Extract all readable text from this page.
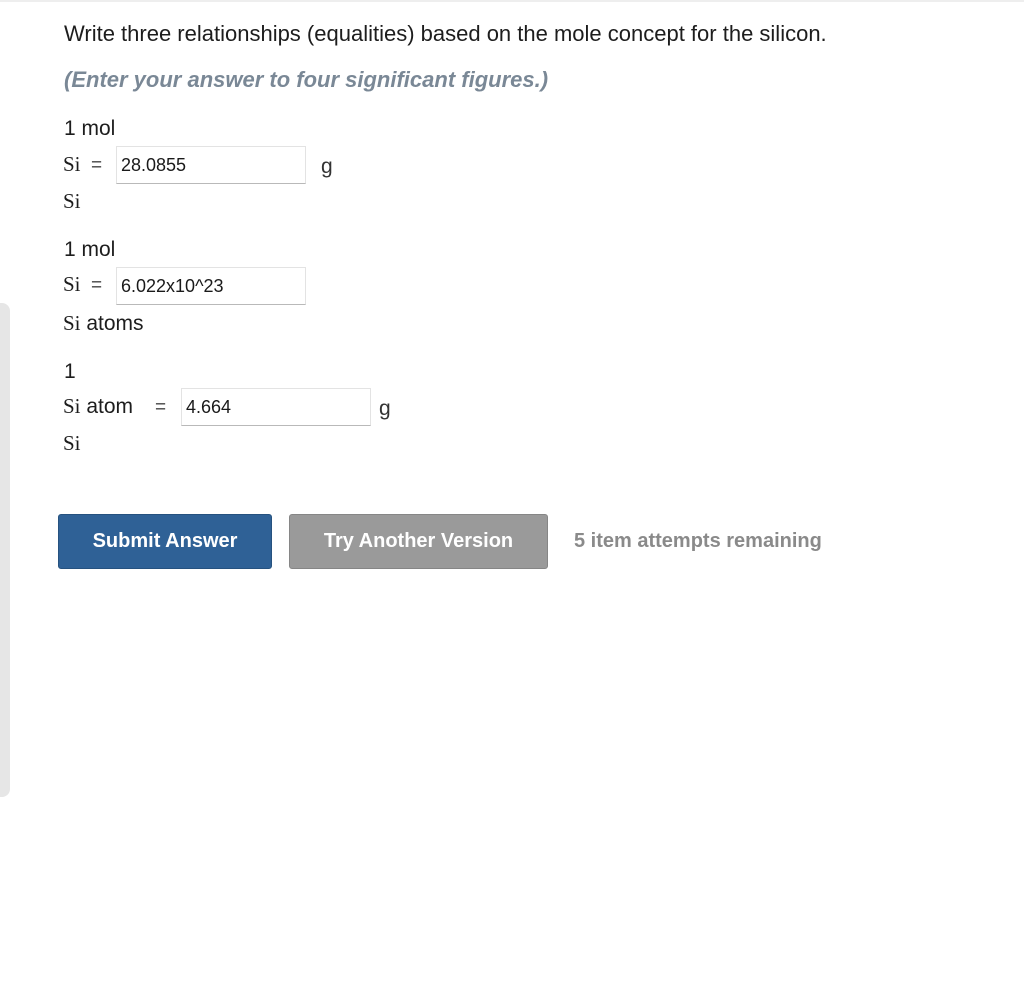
Write three relationships (equalities) based on the mole concept for the silicon.
(Enter your answer to four significant figures.)
1 mol
Si =
28.0855	g
Si
1 mol
Si =
6.022x10^23
Si atoms
1
Si atom =
4.664	g
Si
Submit Answer	Try Another Version	5 item attempts remaining
